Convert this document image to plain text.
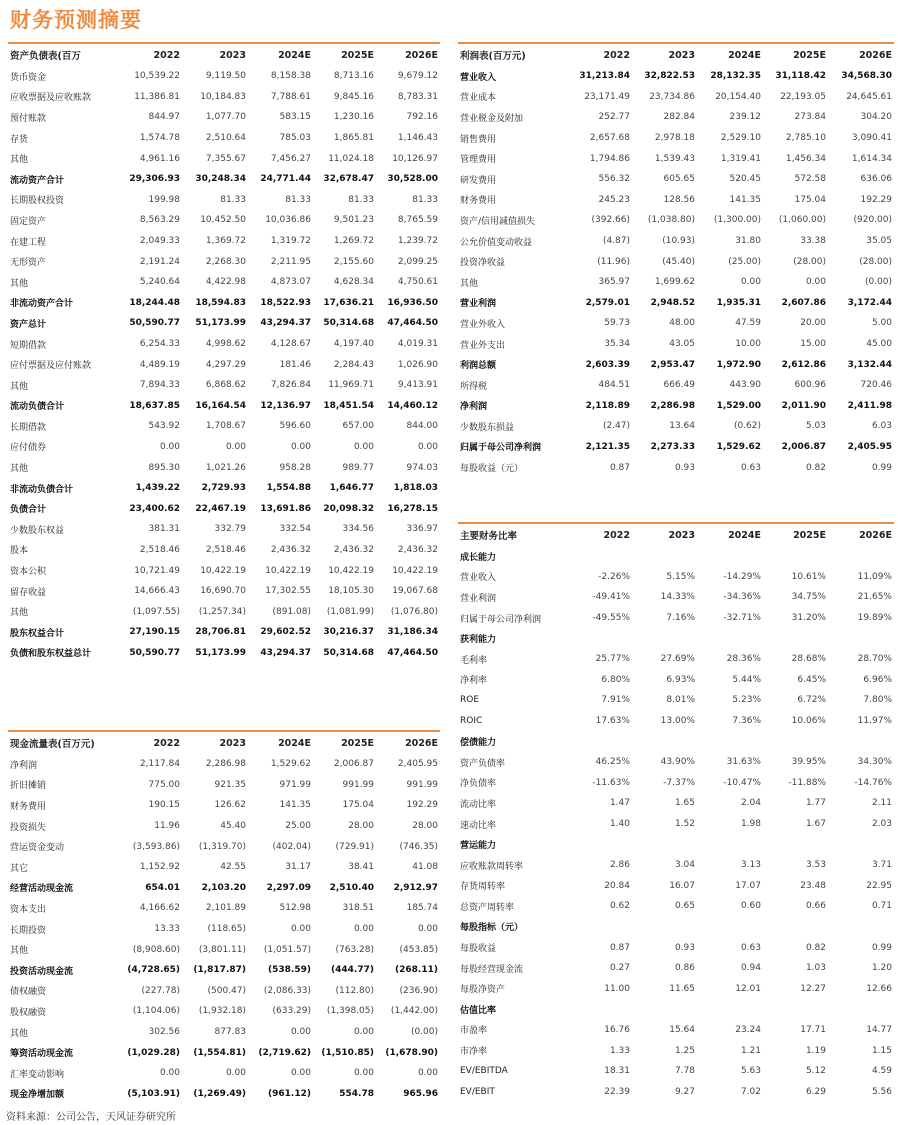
财务预测摘要
资产负债表(百万	2022	2023	2024E	2025E	2026E
货币资金	10,539.22	9,119.50	8,158.38	8,713.16	9,679.12
应收票据及应收账款	11,386.81	10,184.83	7,788.61	9,845.16	8,783.31
预付账款	844.97	1,077.70	583.15	1,230.16	792.16
存货	1,574.78	2,510.64	785.03	1,865.81	1,146.43
其他	4,961.16	7,355.67	7,456.27	11,024.18	10,126.97
流动资产合计	29,306.93	30,248.34	24,771.44	32,678.47	30,528.00
长期股权投资	199.98	81.33	81.33	81.33	81.33
固定资产	8,563.29	10,452.50	10,036.86	9,501.23	8,765.59
在建工程	2,049.33	1,369.72	1,319.72	1,269.72	1,239.72
无形资产	2,191.24	2,268.30	2,211.95	2,155.60	2,099.25
其他	5,240.64	4,422.98	4,873.07	4,628.34	4,750.61
非流动资产合计	18,244.48	18,594.83	18,522.93	17,636.21	16,936.50
资产总计	50,590.77	51,173.99	43,294.37	50,314.68	47,464.50
短期借款	6,254.33	4,998.62	4,128.67	4,197.40	4,019.31
应付票据及应付账款	4,489.19	4,297.29	181.46	2,284.43	1,026.90
其他	7,894.33	6,868.62	7,826.84	11,969.71	9,413.91
流动负债合计	18,637.85	16,164.54	12,136.97	18,451.54	14,460.12
长期借款	543.92	1,708.67	596.60	657.00	844.00
应付债券	0.00	0.00	0.00	0.00	0.00
其他	895.30	1,021.26	958.28	989.77	974.03
非流动负债合计	1,439.22	2,729.93	1,554.88	1,646.77	1,818.03
负债合计	23,400.62	22,467.19	13,691.86	20,098.32	16,278.15
少数股东权益	381.31	332.79	332.54	334.56	336.97
股本	2,518.46	2,518.46	2,436.32	2,436.32	2,436.32
资本公积	10,721.49	10,422.19	10,422.19	10,422.19	10,422.19
留存收益	14,666.43	16,690.70	17,302.55	18,105.30	19,067.68
其他	(1,097.55)	(1,257.34)	(891.08)	(1,081.99)	(1,076.80)
股东权益合计	27,190.15	28,706.81	29,602.52	30,216.37	31,186.34
负债和股东权益总计	50,590.77	51,173.99	43,294.37	50,314.68	47,464.50
利润表(百万元)	2022	2023	2024E	2025E	2026E
营业收入	31,213.84	32,822.53	28,132.35	31,118.42	34,568.30
营业成本	23,171.49	23,734.86	20,154.40	22,193.05	24,645.61
营业税金及附加	252.77	282.84	239.12	273.84	304.20
销售费用	2,657.68	2,978.18	2,529.10	2,785.10	3,090.41
管理费用	1,794.86	1,539.43	1,319.41	1,456.34	1,614.34
研发费用	556.32	605.65	520.45	572.58	636.06
财务费用	245.23	128.56	141.35	175.04	192.29
资产/信用减值损失	(392.66)	(1,038.80)	(1,300.00)	(1,060.00)	(920.00)
公允价值变动收益	(4.87)	(10.93)	31.80	33.38	35.05
投资净收益	(11.96)	(45.40)	(25.00)	(28.00)	(28.00)
其他	365.97	1,699.62	0.00	0.00	(0.00)
营业利润	2,579.01	2,948.52	1,935.31	2,607.86	3,172.44
营业外收入	59.73	48.00	47.59	20.00	5.00
营业外支出	35.34	43.05	10.00	15.00	45.00
利润总额	2,603.39	2,953.47	1,972.90	2,612.86	3,132.44
所得税	484.51	666.49	443.90	600.96	720.46
净利润	2,118.89	2,286.98	1,529.00	2,011.90	2,411.98
少数股东损益	(2.47)	13.64	(0.62)	5.03	6.03
归属于母公司净利润	2,121.35	2,273.33	1,529.62	2,006.87	2,405.95
每股收益（元）	0.87	0.93	0.63	0.82	0.99
现金流量表(百万元)	2022	2023	2024E	2025E	2026E
净利润	2,117.84	2,286.98	1,529.62	2,006.87	2,405.95
折旧摊销	775.00	921.35	971.99	991.99	991.99
财务费用	190.15	126.62	141.35	175.04	192.29
投资损失	11.96	45.40	25.00	28.00	28.00
营运资金变动	(3,593.86)	(1,319.70)	(402.04)	(729.91)	(746.35)
其它	1,152.92	42.55	31.17	38.41	41.08
经营活动现金流	654.01	2,103.20	2,297.09	2,510.40	2,912.97
资本支出	4,166.62	2,101.89	512.98	318.51	185.74
长期投资	13.33	(118.65)	0.00	0.00	0.00
其他	(8,908.60)	(3,801.11)	(1,051.57)	(763.28)	(453.85)
投资活动现金流	(4,728.65)	(1,817.87)	(538.59)	(444.77)	(268.11)
债权融资	(227.78)	(500.47)	(2,086.33)	(112.80)	(236.90)
股权融资	(1,104.06)	(1,932.18)	(633.29)	(1,398.05)	(1,442.00)
其他	302.56	877.83	0.00	0.00	(0.00)
筹资活动现金流	(1,029.28)	(1,554.81)	(2,719.62)	(1,510.85)	(1,678.90)
汇率变动影响	0.00	0.00	0.00	0.00	0.00
现金净增加额	(5,103.91)	(1,269.49)	(961.12)	554.78	965.96
主要财务比率	2022	2023	2024E	2025E	2026E
成长能力					
营业收入	-2.26%	5.15%	-14.29%	10.61%	11.09%
营业利润	-49.41%	14.33%	-34.36%	34.75%	21.65%
归属于母公司净利润	-49.55%	7.16%	-32.71%	31.20%	19.89%
获利能力					
毛利率	25.77%	27.69%	28.36%	28.68%	28.70%
净利率	6.80%	6.93%	5.44%	6.45%	6.96%
ROE	7.91%	8.01%	5.23%	6.72%	7.80%
ROIC	17.63%	13.00%	7.36%	10.06%	11.97%
偿债能力					
资产负债率	46.25%	43.90%	31.63%	39.95%	34.30%
净负债率	-11.63%	-7.37%	-10.47%	-11.88%	-14.76%
流动比率	1.47	1.65	2.04	1.77	2.11
速动比率	1.40	1.52	1.98	1.67	2.03
营运能力					
应收账款周转率	2.86	3.04	3.13	3.53	3.71
存货周转率	20.84	16.07	17.07	23.48	22.95
总资产周转率	0.62	0.65	0.60	0.66	0.71
每股指标（元）					
每股收益	0.87	0.93	0.63	0.82	0.99
每股经营现金流	0.27	0.86	0.94	1.03	1.20
每股净资产	11.00	11.65	12.01	12.27	12.66
估值比率					
市盈率	16.76	15.64	23.24	17.71	14.77
市净率	1.33	1.25	1.21	1.19	1.15
EV/EBITDA	18.31	7.78	5.63	5.12	4.59
EV/EBIT	22.39	9.27	7.02	6.29	5.56
资料来源：公司公告，天风证券研究所
